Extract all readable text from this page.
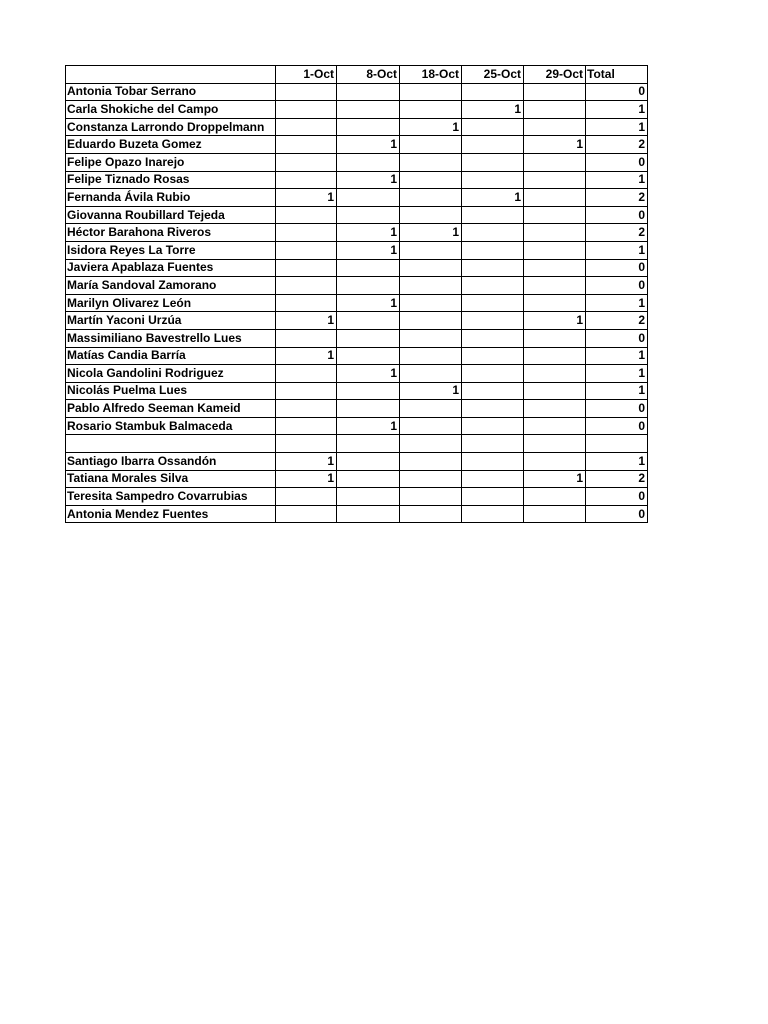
	1-Oct	8-Oct	18-Oct	25-Oct	29-Oct	Total
Antonia Tobar Serrano						0
Carla Shokiche del Campo				1		1
Constanza Larrondo Droppelmann			1			1
Eduardo Buzeta Gomez		1			1	2
Felipe Opazo Inarejo						0
Felipe Tiznado Rosas		1				1
Fernanda Ávila Rubio	1			1		2
Giovanna Roubillard Tejeda						0
Héctor Barahona Riveros		1	1			2
Isidora Reyes La Torre		1				1
Javiera Apablaza Fuentes						0
María Sandoval Zamorano						0
Marilyn Olivarez León		1				1
Martín Yaconi Urzúa	1				1	2
Massimiliano Bavestrello Lues						0
Matías Candia Barría	1					1
Nicola Gandolini Rodriguez		1				1
Nicolás Puelma Lues			1			1
Pablo Alfredo Seeman Kameid						0
Rosario Stambuk Balmaceda		1				0

Santiago Ibarra Ossandón	1					1
Tatiana Morales Silva	1				1	2
Teresita Sampedro Covarrubias						0
Antonia Mendez Fuentes						0
